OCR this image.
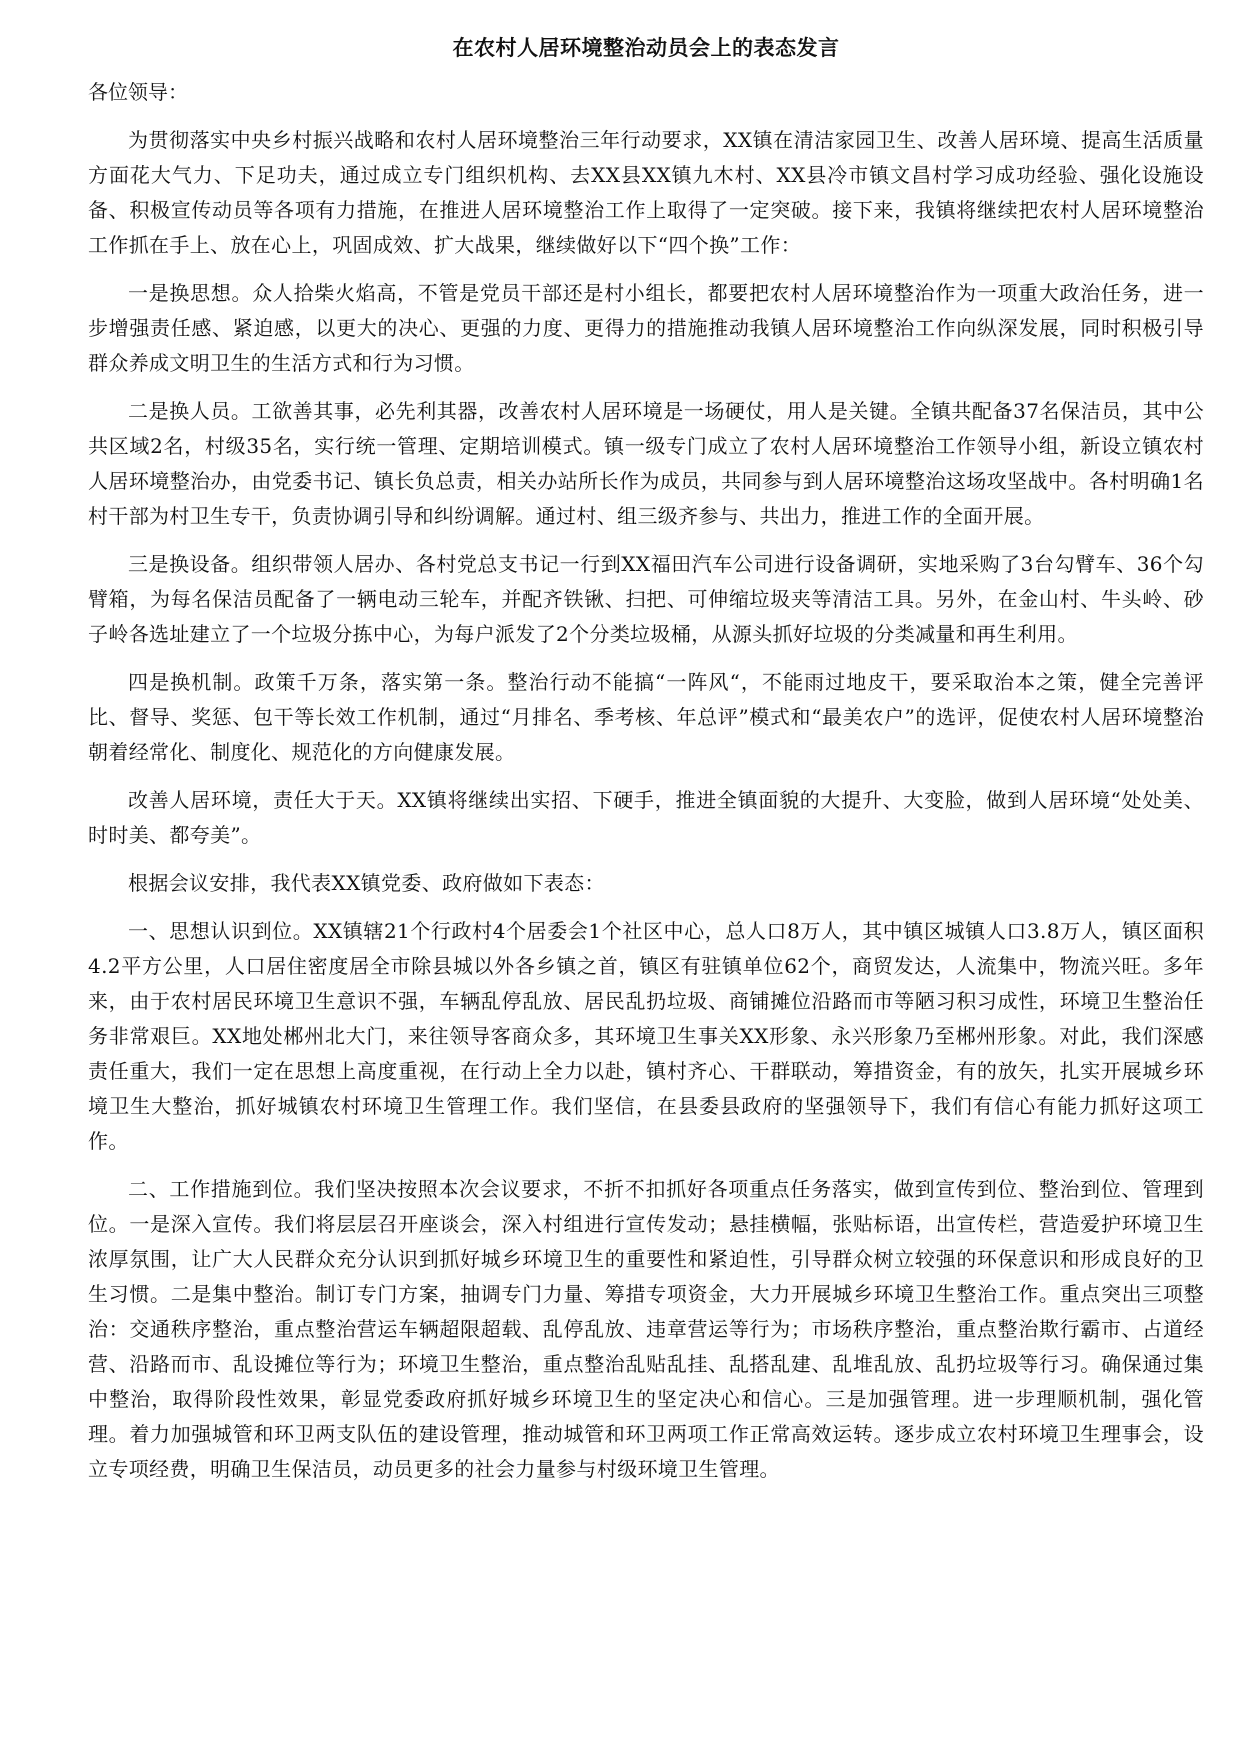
在农村人居环境整治动员会上的表态发言
各位领导：

为贯彻落实中央乡村振兴战略和农村人居环境整治三年行动要求，XX镇在清洁家园卫生、改善人居环境、提高生活质量方面花大气力、下足功夫，通过成立专门组织机构、去XX县XX镇九木村、XX县冷市镇文昌村学习成功经验、强化设施设备、积极宣传动员等各项有力措施，在推进人居环境整治工作上取得了一定突破。接下来，我镇将继续把农村人居环境整治工作抓在手上、放在心上，巩固成效、扩大战果，继续做好以下“四个换”工作：

一是换思想。众人拾柴火焰高，不管是党员干部还是村小组长，都要把农村人居环境整治作为一项重大政治任务，进一步增强责任感、紧迫感，以更大的决心、更强的力度、更得力的措施推动我镇人居环境整治工作向纵深发展，同时积极引导群众养成文明卫生的生活方式和行为习惯。

二是换人员。工欲善其事，必先利其器，改善农村人居环境是一场硬仗，用人是关键。全镇共配备37名保洁员，其中公共区域2名，村级35名，实行统一管理、定期培训模式。镇一级专门成立了农村人居环境整治工作领导小组，新设立镇农村人居环境整治办，由党委书记、镇长负总责，相关办站所长作为成员，共同参与到人居环境整治这场攻坚战中。各村明确1名村干部为村卫生专干，负责协调引导和纠纷调解。通过村、组三级齐参与、共出力，推进工作的全面开展。

三是换设备。组织带领人居办、各村党总支书记一行到XX福田汽车公司进行设备调研，实地采购了3台勾臂车、36个勾臂箱，为每名保洁员配备了一辆电动三轮车，并配齐铁锹、扫把、可伸缩垃圾夹等清洁工具。另外，在金山村、牛头岭、砂子岭各选址建立了一个垃圾分拣中心，为每户派发了2个分类垃圾桶，从源头抓好垃圾的分类减量和再生利用。

四是换机制。政策千万条，落实第一条。整治行动不能搞“一阵风“，不能雨过地皮干，要采取治本之策，健全完善评比、督导、奖惩、包干等长效工作机制，通过“月排名、季考核、年总评”模式和“最美农户”的选评，促使农村人居环境整治朝着经常化、制度化、规范化的方向健康发展。

改善人居环境，责任大于天。XX镇将继续出实招、下硬手，推进全镇面貌的大提升、大变脸，做到人居环境“处处美、时时美、都夸美”。

根据会议安排，我代表XX镇党委、政府做如下表态：

一、思想认识到位。XX镇辖21个行政村4个居委会1个社区中心，总人口8万人，其中镇区城镇人口3.8万人，镇区面积4.2平方公里，人口居住密度居全市除县城以外各乡镇之首，镇区有驻镇单位62个，商贸发达，人流集中，物流兴旺。多年来，由于农村居民环境卫生意识不强，车辆乱停乱放、居民乱扔垃圾、商铺摊位沿路而市等陋习积习成性，环境卫生整治任务非常艰巨。XX地处郴州北大门，来往领导客商众多，其环境卫生事关XX形象、永兴形象乃至郴州形象。对此，我们深感责任重大，我们一定在思想上高度重视，在行动上全力以赴，镇村齐心、干群联动，筹措资金，有的放矢，扎实开展城乡环境卫生大整治，抓好城镇农村环境卫生管理工作。我们坚信，在县委县政府的坚强领导下，我们有信心有能力抓好这项工作。

二、工作措施到位。我们坚决按照本次会议要求，不折不扣抓好各项重点任务落实，做到宣传到位、整治到位、管理到位。一是深入宣传。我们将层层召开座谈会，深入村组进行宣传发动；悬挂横幅，张贴标语，出宣传栏，营造爱护环境卫生浓厚氛围，让广大人民群众充分认识到抓好城乡环境卫生的重要性和紧迫性，引导群众树立较强的环保意识和形成良好的卫生习惯。二是集中整治。制订专门方案，抽调专门力量、筹措专项资金，大力开展城乡环境卫生整治工作。重点突出三项整治：交通秩序整治，重点整治营运车辆超限超载、乱停乱放、违章营运等行为；市场秩序整治，重点整治欺行霸市、占道经营、沿路而市、乱设摊位等行为；环境卫生整治，重点整治乱贴乱挂、乱搭乱建、乱堆乱放、乱扔垃圾等行习。确保通过集中整治，取得阶段性效果，彰显党委政府抓好城乡环境卫生的坚定决心和信心。三是加强管理。进一步理顺机制，强化管理。着力加强城管和环卫两支队伍的建设管理，推动城管和环卫两项工作正常高效运转。逐步成立农村环境卫生理事会，设立专项经费，明确卫生保洁员，动员更多的社会力量参与村级环境卫生管理。
